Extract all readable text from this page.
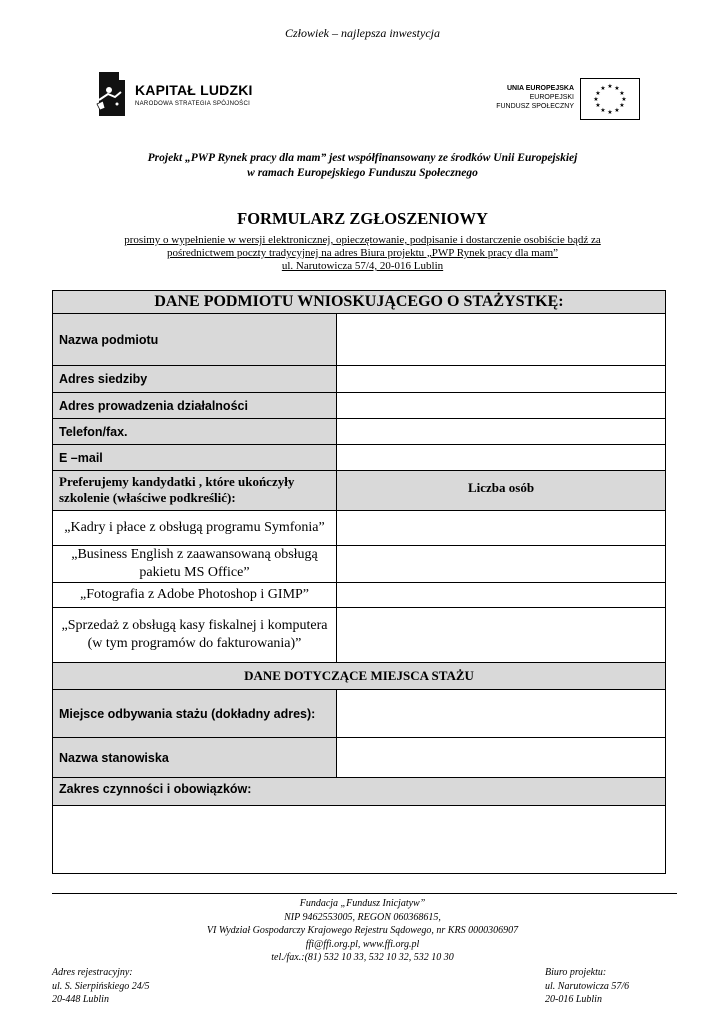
Człowiek – najlepsza inwestycja
KAPITAŁ LUDZKI
NARODOWA STRATEGIA SPÓJNOŚCI
UNIA EUROPEJSKA
EUROPEJSKI
FUNDUSZ SPOŁECZNY
★ ★
★
★
★
★
★
★
★
★
★
★
Projekt „PWP Rynek pracy dla mam” jest współfinansowany ze środków Unii Europejskiej
w ramach Europejskiego Funduszu Społecznego
FORMULARZ ZGŁOSZENIOWY
prosimy o wypełnienie w wersji elektronicznej, opieczętowanie, podpisanie i dostarczenie osobiście bądź za
pośrednictwem poczty tradycyjnej na adres Biura projektu „PWP Rynek pracy dla mam”
ul. Narutowicza 57/4, 20-016 Lublin
DANE PODMIOTU WNIOSKUJĄCEGO O STAŻYSTKĘ:	
Nazwa podmiotu	
Adres siedziby	
Adres prowadzenia działalności	
Telefon/fax.	
E –mail	
Preferujemy kandydatki , które ukończyły szkolenie (właściwe podkreślić):	Liczba osób
„Kadry i płace z obsługą programu Symfonia”	
„Business English z zaawansowaną obsługą pakietu MS Office”	
„Fotografia z Adobe Photoshop i GIMP”	
„Sprzedaż z obsługą kasy fiskalnej i komputera (w tym programów do fakturowania)”	
DANE DOTYCZĄCE MIEJSCA STAŻU	
Miejsce odbywania stażu (dokładny adres):	
Nazwa stanowiska	
Zakres czynności i obowiązków:	

Fundacja „Fundusz Inicjatyw”
NIP 9462553005, REGON 060368615,
VI Wydział Gospodarczy Krajowego Rejestru Sądowego, nr KRS 0000306907
ffi@ffi.org.pl, www.ffi.org.pl
tel./fax.:(81) 532 10 33, 532 10 32, 532 10 30
Adres rejestracyjny:
ul. S. Sierpińskiego 24/5
20-448 Lublin
Biuro projektu:
ul. Narutowicza 57/6
20-016 Lublin
